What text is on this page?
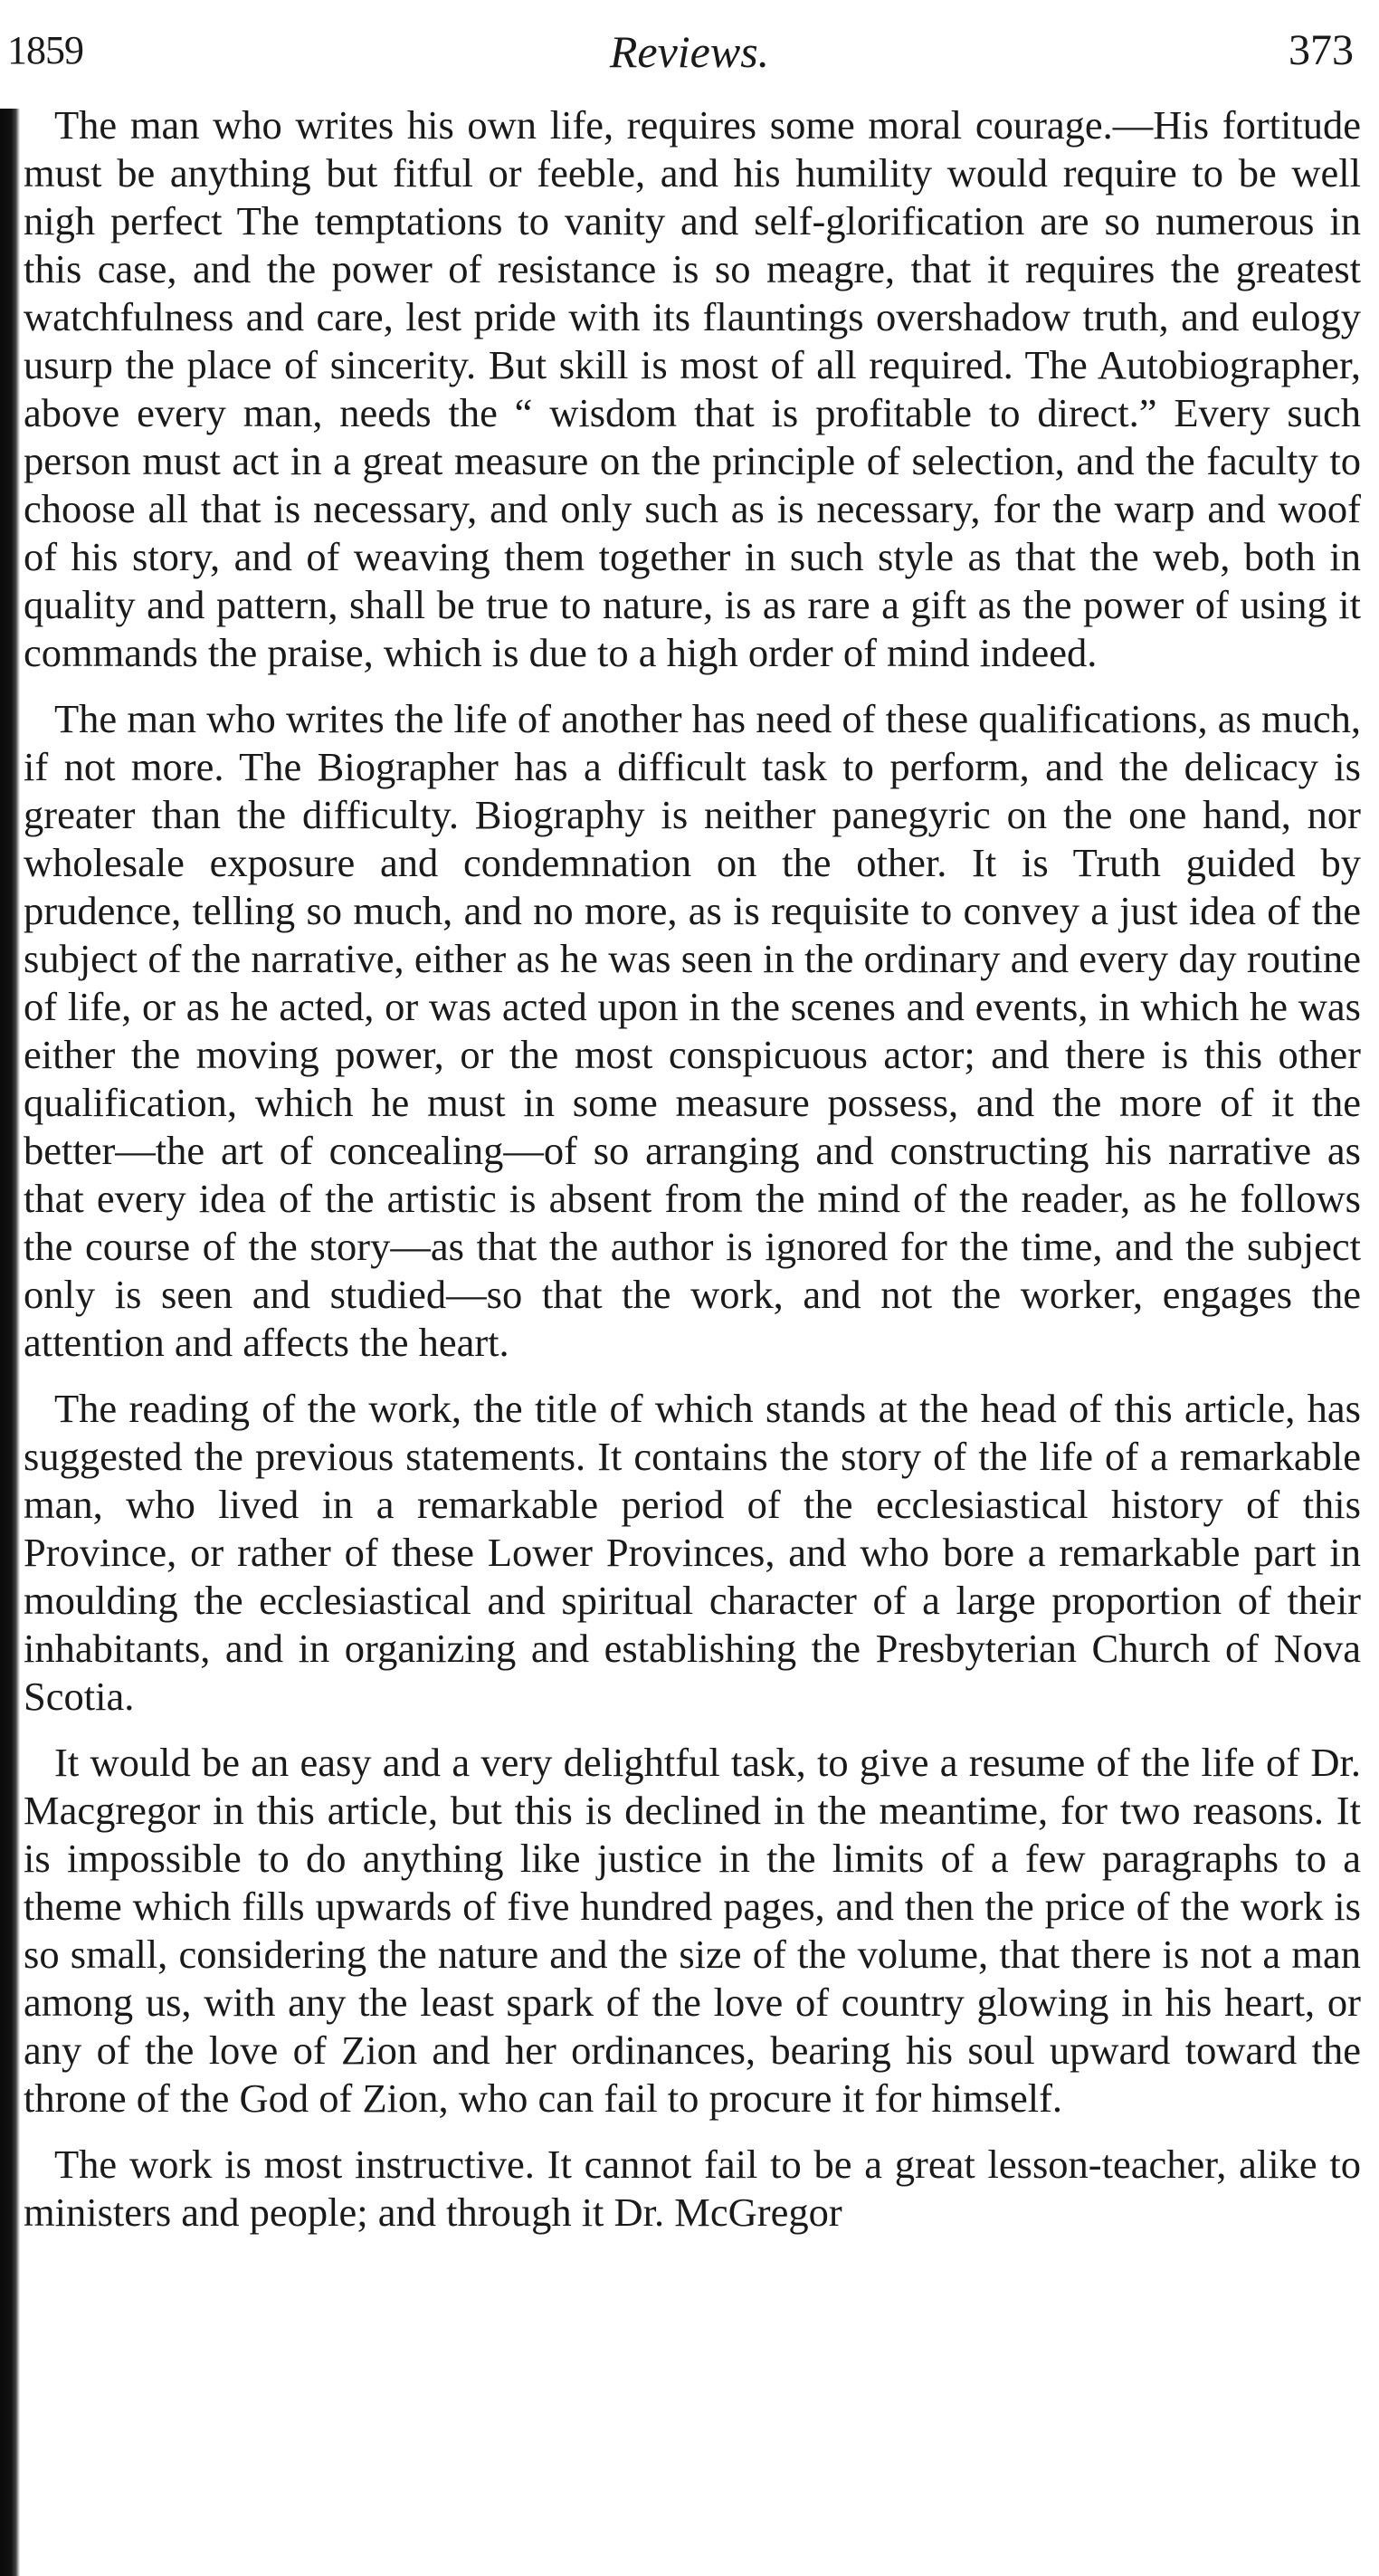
1859	Reviews.	373

The man who writes his own life, requires some moral courage.—His fortitude must be anything but fitful or feeble, and his humility would require to be well nigh perfect The temptations to vanity and self-glorification are so numerous in this case, and the power of resistance is so meagre, that it requires the greatest watchfulness and care, lest pride with its flauntings overshadow truth, and eulogy usurp the place of sincerity. But skill is most of all required. The Autobiographer, above every man, needs the “ wisdom that is profitable to direct.” Every such person must act in a great measure on the principle of selection, and the faculty to choose all that is necessary, and only such as is necessary, for the warp and woof of his story, and of weaving them together in such style as that the web, both in quality and pattern, shall be true to nature, is as rare a gift as the power of using it commands the praise, which is due to a high order of mind indeed.

The man who writes the life of another has need of these qualifications, as much, if not more. The Biographer has a difficult task to perform, and the delicacy is greater than the difficulty. Biography is neither panegyric on the one hand, nor wholesale exposure and condemnation on the other. It is Truth guided by prudence, telling so much, and no more, as is requisite to convey a just idea of the subject of the narrative, either as he was seen in the ordinary and every day routine of life, or as he acted, or was acted upon in the scenes and events, in which he was either the moving power, or the most conspicuous actor; and there is this other qualification, which he must in some measure possess, and the more of it the better—the art of concealing—of so arranging and constructing his narrative as that every idea of the artistic is absent from the mind of the reader, as he follows the course of the story—as that the author is ignored for the time, and the subject only is seen and studied—so that the work, and not the worker, engages the attention and affects the heart.

The reading of the work, the title of which stands at the head of this article, has suggested the previous statements. It contains the story of the life of a remarkable man, who lived in a remarkable period of the ecclesiastical history of this Province, or rather of these Lower Provinces, and who bore a remarkable part in moulding the ecclesiastical and spiritual character of a large proportion of their inhabitants, and in organizing and establishing the Presbyterian Church of Nova Scotia.

It would be an easy and a very delightful task, to give a resume of the life of Dr. Macgregor in this article, but this is declined in the meantime, for two reasons. It is impossible to do anything like justice in the limits of a few paragraphs to a theme which fills upwards of five hundred pages, and then the price of the work is so small, considering the nature and the size of the volume, that there is not a man among us, with any the least spark of the love of country glowing in his heart, or any of the love of Zion and her ordinances, bearing his soul upward toward the throne of the God of Zion, who can fail to procure it for himself.

The work is most instructive. It cannot fail to be a great lesson-teacher, alike to ministers and people; and through it Dr. McGregor
